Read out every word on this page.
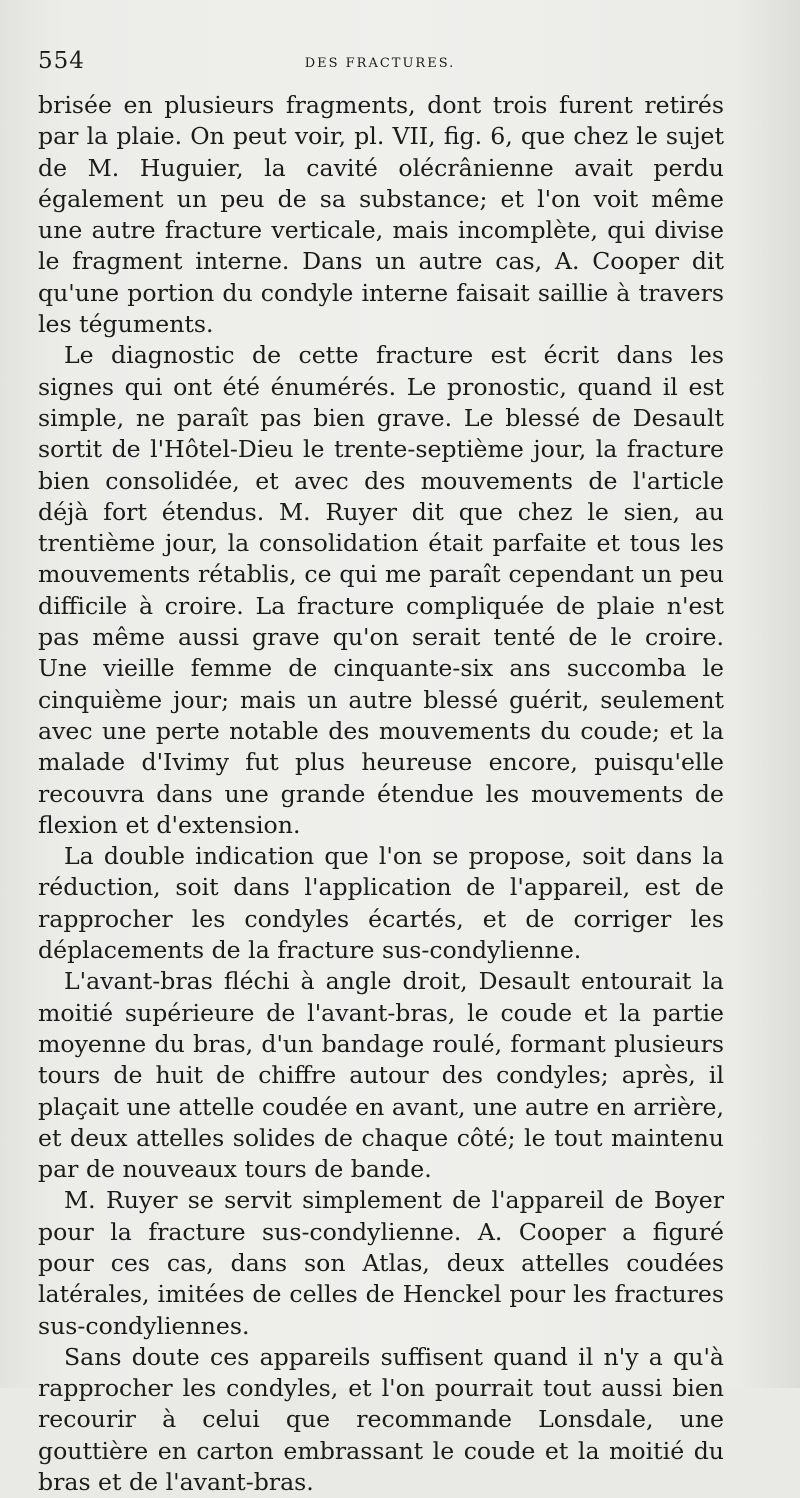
554	DES FRACTURES.

brisée en plusieurs fragments, dont trois furent retirés par la plaie. On peut voir, pl. VII, fig. 6, que chez le sujet de M. Huguier, la cavité olécrânienne avait perdu également un peu de sa substance; et l'on voit même une autre fracture verticale, mais incomplète, qui divise le fragment interne. Dans un autre cas, A. Cooper dit qu'une portion du condyle interne faisait saillie à travers les téguments.

Le diagnostic de cette fracture est écrit dans les signes qui ont été énumérés. Le pronostic, quand il est simple, ne paraît pas bien grave. Le blessé de Desault sortit de l'Hôtel-Dieu le trente-septième jour, la fracture bien consolidée, et avec des mouvements de l'article déjà fort étendus. M. Ruyer dit que chez le sien, au trentième jour, la consolidation était parfaite et tous les mouvements rétablis, ce qui me paraît cependant un peu difficile à croire. La fracture compliquée de plaie n'est pas même aussi grave qu'on serait tenté de le croire. Une vieille femme de cinquante-six ans succomba le cinquième jour; mais un autre blessé guérit, seulement avec une perte notable des mouvements du coude; et la malade d'Ivimy fut plus heureuse encore, puisqu'elle recouvra dans une grande étendue les mouvements de flexion et d'extension.

La double indication que l'on se propose, soit dans la réduction, soit dans l'application de l'appareil, est de rapprocher les condyles écartés, et de corriger les déplacements de la fracture sus-condylienne.

L'avant-bras fléchi à angle droit, Desault entourait la moitié supérieure de l'avant-bras, le coude et la partie moyenne du bras, d'un bandage roulé, formant plusieurs tours de huit de chiffre autour des condyles; après, il plaçait une attelle coudée en avant, une autre en arrière, et deux attelles solides de chaque côté; le tout maintenu par de nouveaux tours de bande.

M. Ruyer se servit simplement de l'appareil de Boyer pour la fracture sus-condylienne. A. Cooper a figuré pour ces cas, dans son Atlas, deux attelles coudées latérales, imitées de celles de Henckel pour les fractures sus-condyliennes.

Sans doute ces appareils suffisent quand il n'y a qu'à rapprocher les condyles, et l'on pourrait tout aussi bien recourir à celui que recommande Lonsdale, une gouttière en carton embrassant le coude et la moitié du bras et de l'avant-bras.
